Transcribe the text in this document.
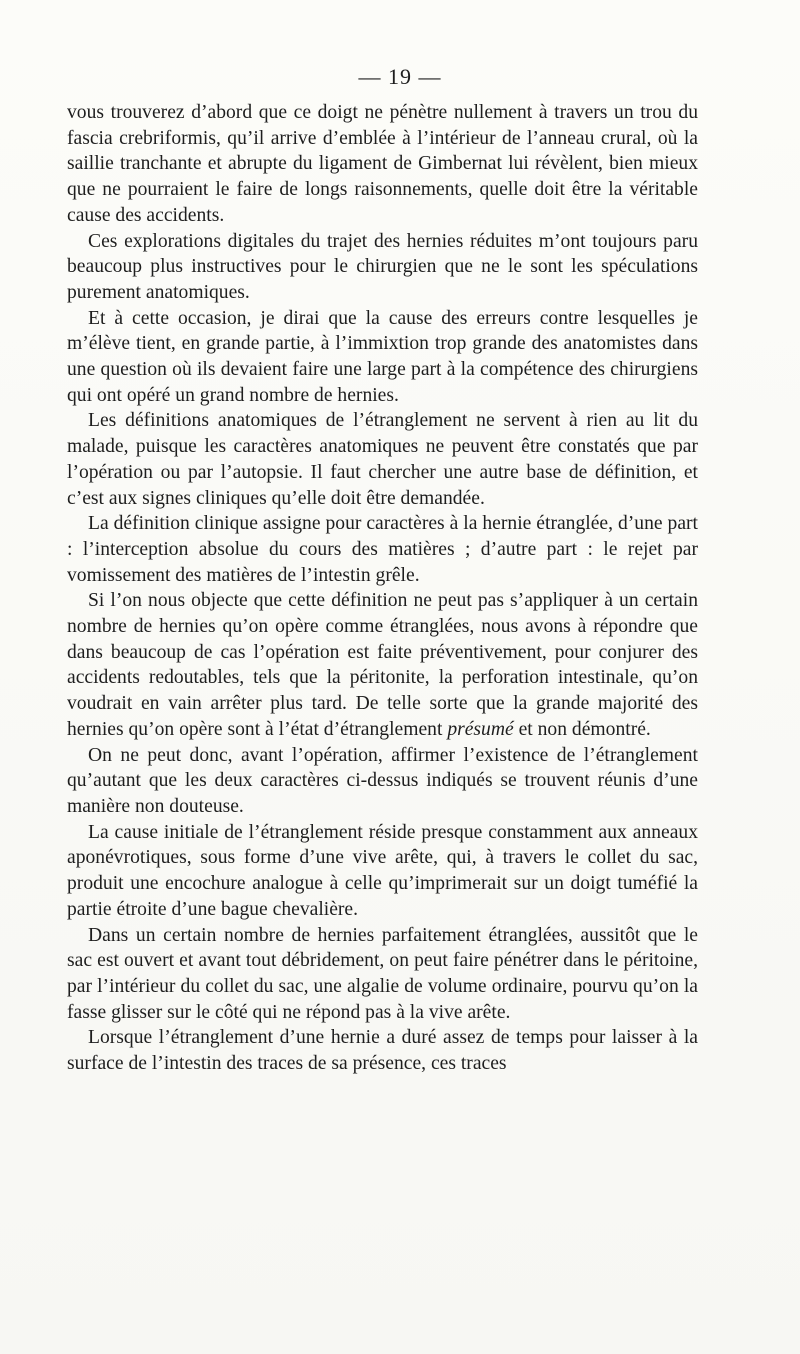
— 19 —

vous trouverez d’abord que ce doigt ne pénètre nullement à travers un trou du fascia crebriformis, qu’il arrive d’emblée à l’intérieur de l’anneau crural, où la saillie tranchante et abrupte du ligament de Gimbernat lui révèlent, bien mieux que ne pourraient le faire de longs raisonnements, quelle doit être la véritable cause des accidents.

Ces explorations digitales du trajet des hernies réduites m’ont toujours paru beaucoup plus instructives pour le chirurgien que ne le sont les spéculations purement anatomiques.

Et à cette occasion, je dirai que la cause des erreurs contre lesquelles je m’élève tient, en grande partie, à l’immixtion trop grande des anatomistes dans une question où ils devaient faire une large part à la compétence des chirurgiens qui ont opéré un grand nombre de hernies.

Les définitions anatomiques de l’étranglement ne servent à rien au lit du malade, puisque les caractères anatomiques ne peuvent être constatés que par l’opération ou par l’autopsie. Il faut chercher une autre base de définition, et c’est aux signes cliniques qu’elle doit être demandée.

La définition clinique assigne pour caractères à la hernie étranglée, d’une part : l’interception absolue du cours des matières ; d’autre part : le rejet par vomissement des matières de l’intestin grêle.

Si l’on nous objecte que cette définition ne peut pas s’appliquer à un certain nombre de hernies qu’on opère comme étranglées, nous avons à répondre que dans beaucoup de cas l’opération est faite préventivement, pour conjurer des accidents redoutables, tels que la péritonite, la perforation intestinale, qu’on voudrait en vain arrêter plus tard. De telle sorte que la grande majorité des hernies qu’on opère sont à l’état d’étranglement présumé et non démontré.

On ne peut donc, avant l’opération, affirmer l’existence de l’étranglement qu’autant que les deux caractères ci-dessus indiqués se trouvent réunis d’une manière non douteuse.

La cause initiale de l’étranglement réside presque constamment aux anneaux aponévrotiques, sous forme d’une vive arête, qui, à travers le collet du sac, produit une encochure analogue à celle qu’imprimerait sur un doigt tuméfié la partie étroite d’une bague chevalière.

Dans un certain nombre de hernies parfaitement étranglées, aussitôt que le sac est ouvert et avant tout débridement, on peut faire pénétrer dans le péritoine, par l’intérieur du collet du sac, une algalie de volume ordinaire, pourvu qu’on la fasse glisser sur le côté qui ne répond pas à la vive arête.

Lorsque l’étranglement d’une hernie a duré assez de temps pour laisser à la surface de l’intestin des traces de sa présence, ces traces
